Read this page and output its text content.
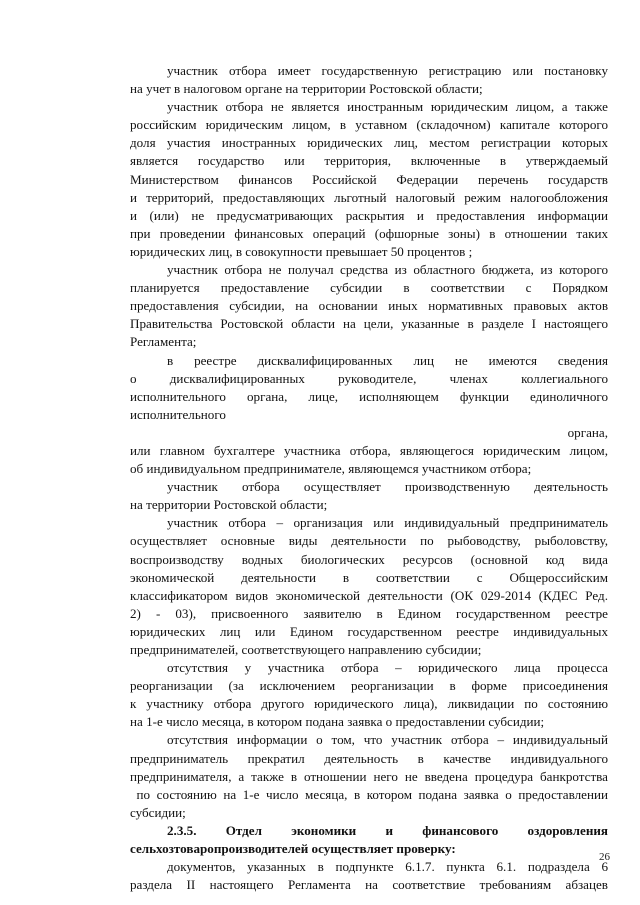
участник отбора имеет государственную регистрацию или постановку
на учет в налоговом органе на территории Ростовской области;

участник отбора не является иностранным юридическим лицом, а также
российским юридическим лицом, в уставном (складочном) капитале которого
доля участия иностранных юридических лиц, местом регистрации которых
является государство или территория, включенные в утверждаемый
Министерством финансов Российской Федерации перечень государств
и территорий, предоставляющих льготный налоговый режим налогообложения
и (или) не предусматривающих раскрытия и предоставления информации
при проведении финансовых операций (офшорные зоны) в отношении таких
юридических лиц, в совокупности превышает 50 процентов ;

участник отбора не получал средства из областного бюджета, из которого
планируется предоставление субсидии в соответствии с Порядком
предоставления субсидии, на основании иных нормативных правовых актов
Правительства Ростовской области на цели, указанные в разделе I настоящего
Регламента;

в реестре дисквалифицированных лиц не имеются сведения
о дисквалифицированных руководителе, членах коллегиального
исполнительного органа, лице, исполняющем функции единоличного
исполнительного
органа,
или главном бухгалтере участника отбора, являющегося юридическим лицом,
об индивидуальном предпринимателе, являющемся участником отбора;

участник отбора осуществляет производственную деятельность
на территории Ростовской области;

участник отбора – организация или индивидуальный предприниматель
осуществляет основные виды деятельности по рыбоводству, рыболовству,
воспроизводству водных биологических ресурсов (основной код вида
экономической деятельности в соответствии с Общероссийским
классификатором видов экономической деятельности (ОК 029-2014 (КДЕС Ред.
2) - 03), присвоенного заявителю в Едином государственном реестре
юридических лиц или Едином государственном реестре индивидуальных
предпринимателей, соответствующего направлению субсидии;

отсутствия у участника отбора – юридического лица процесса
реорганизации (за исключением реорганизации в форме присоединения
к участнику отбора другого юридического лица), ликвидации по состоянию
на 1-е число месяца, в котором подана заявка о предоставлении субсидии;

отсутствия информации о том, что участник отбора – индивидуальный
предприниматель прекратил деятельность в качестве индивидуального
предпринимателя, а также в отношении него не введена процедура банкротства
по состоянию на 1-е число месяца, в котором подана заявка о предоставлении
субсидии;

2.3.5. Отдел экономики и финансового оздоровления
сельхозтоваропроизводителей осуществляет проверку:

документов, указанных в подпункте 6.1.7. пункта 6.1. подраздела 6
раздела II настоящего Регламента на соответствие требованиям абзацев

26
